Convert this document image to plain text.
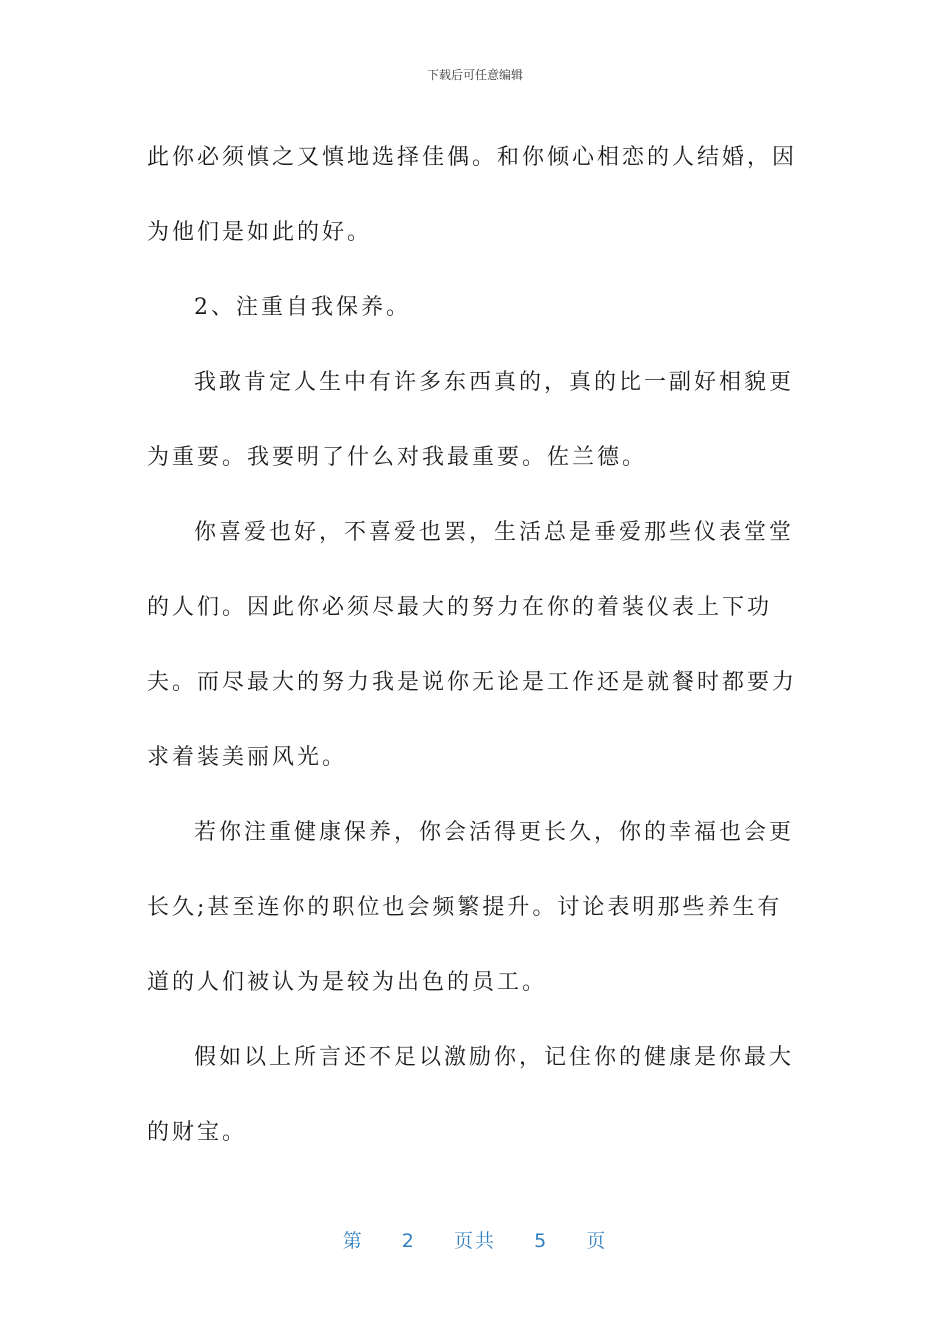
下载后可任意编辑

此你必须慎之又慎地选择佳偶。和你倾心相恋的人结婚，因为他们是如此的好。

2、注重自我保养。

我敢肯定人生中有许多东西真的，真的比一副好相貌更为重要。我要明了什么对我最重要。佐兰德。

你喜爱也好，不喜爱也罢，生活总是垂爱那些仪表堂堂的人们。因此你必须尽最大的努力在你的着装仪表上下功夫。而尽最大的努力我是说你无论是工作还是就餐时都要力求着装美丽风光。

若你注重健康保养，你会活得更长久，你的幸福也会更长久;甚至连你的职位也会频繁提升。讨论表明那些养生有道的人们被认为是较为出色的员工。

假如以上所言还不足以激励你，记住你的健康是你最大的财宝。

第 2 页共 5 页
